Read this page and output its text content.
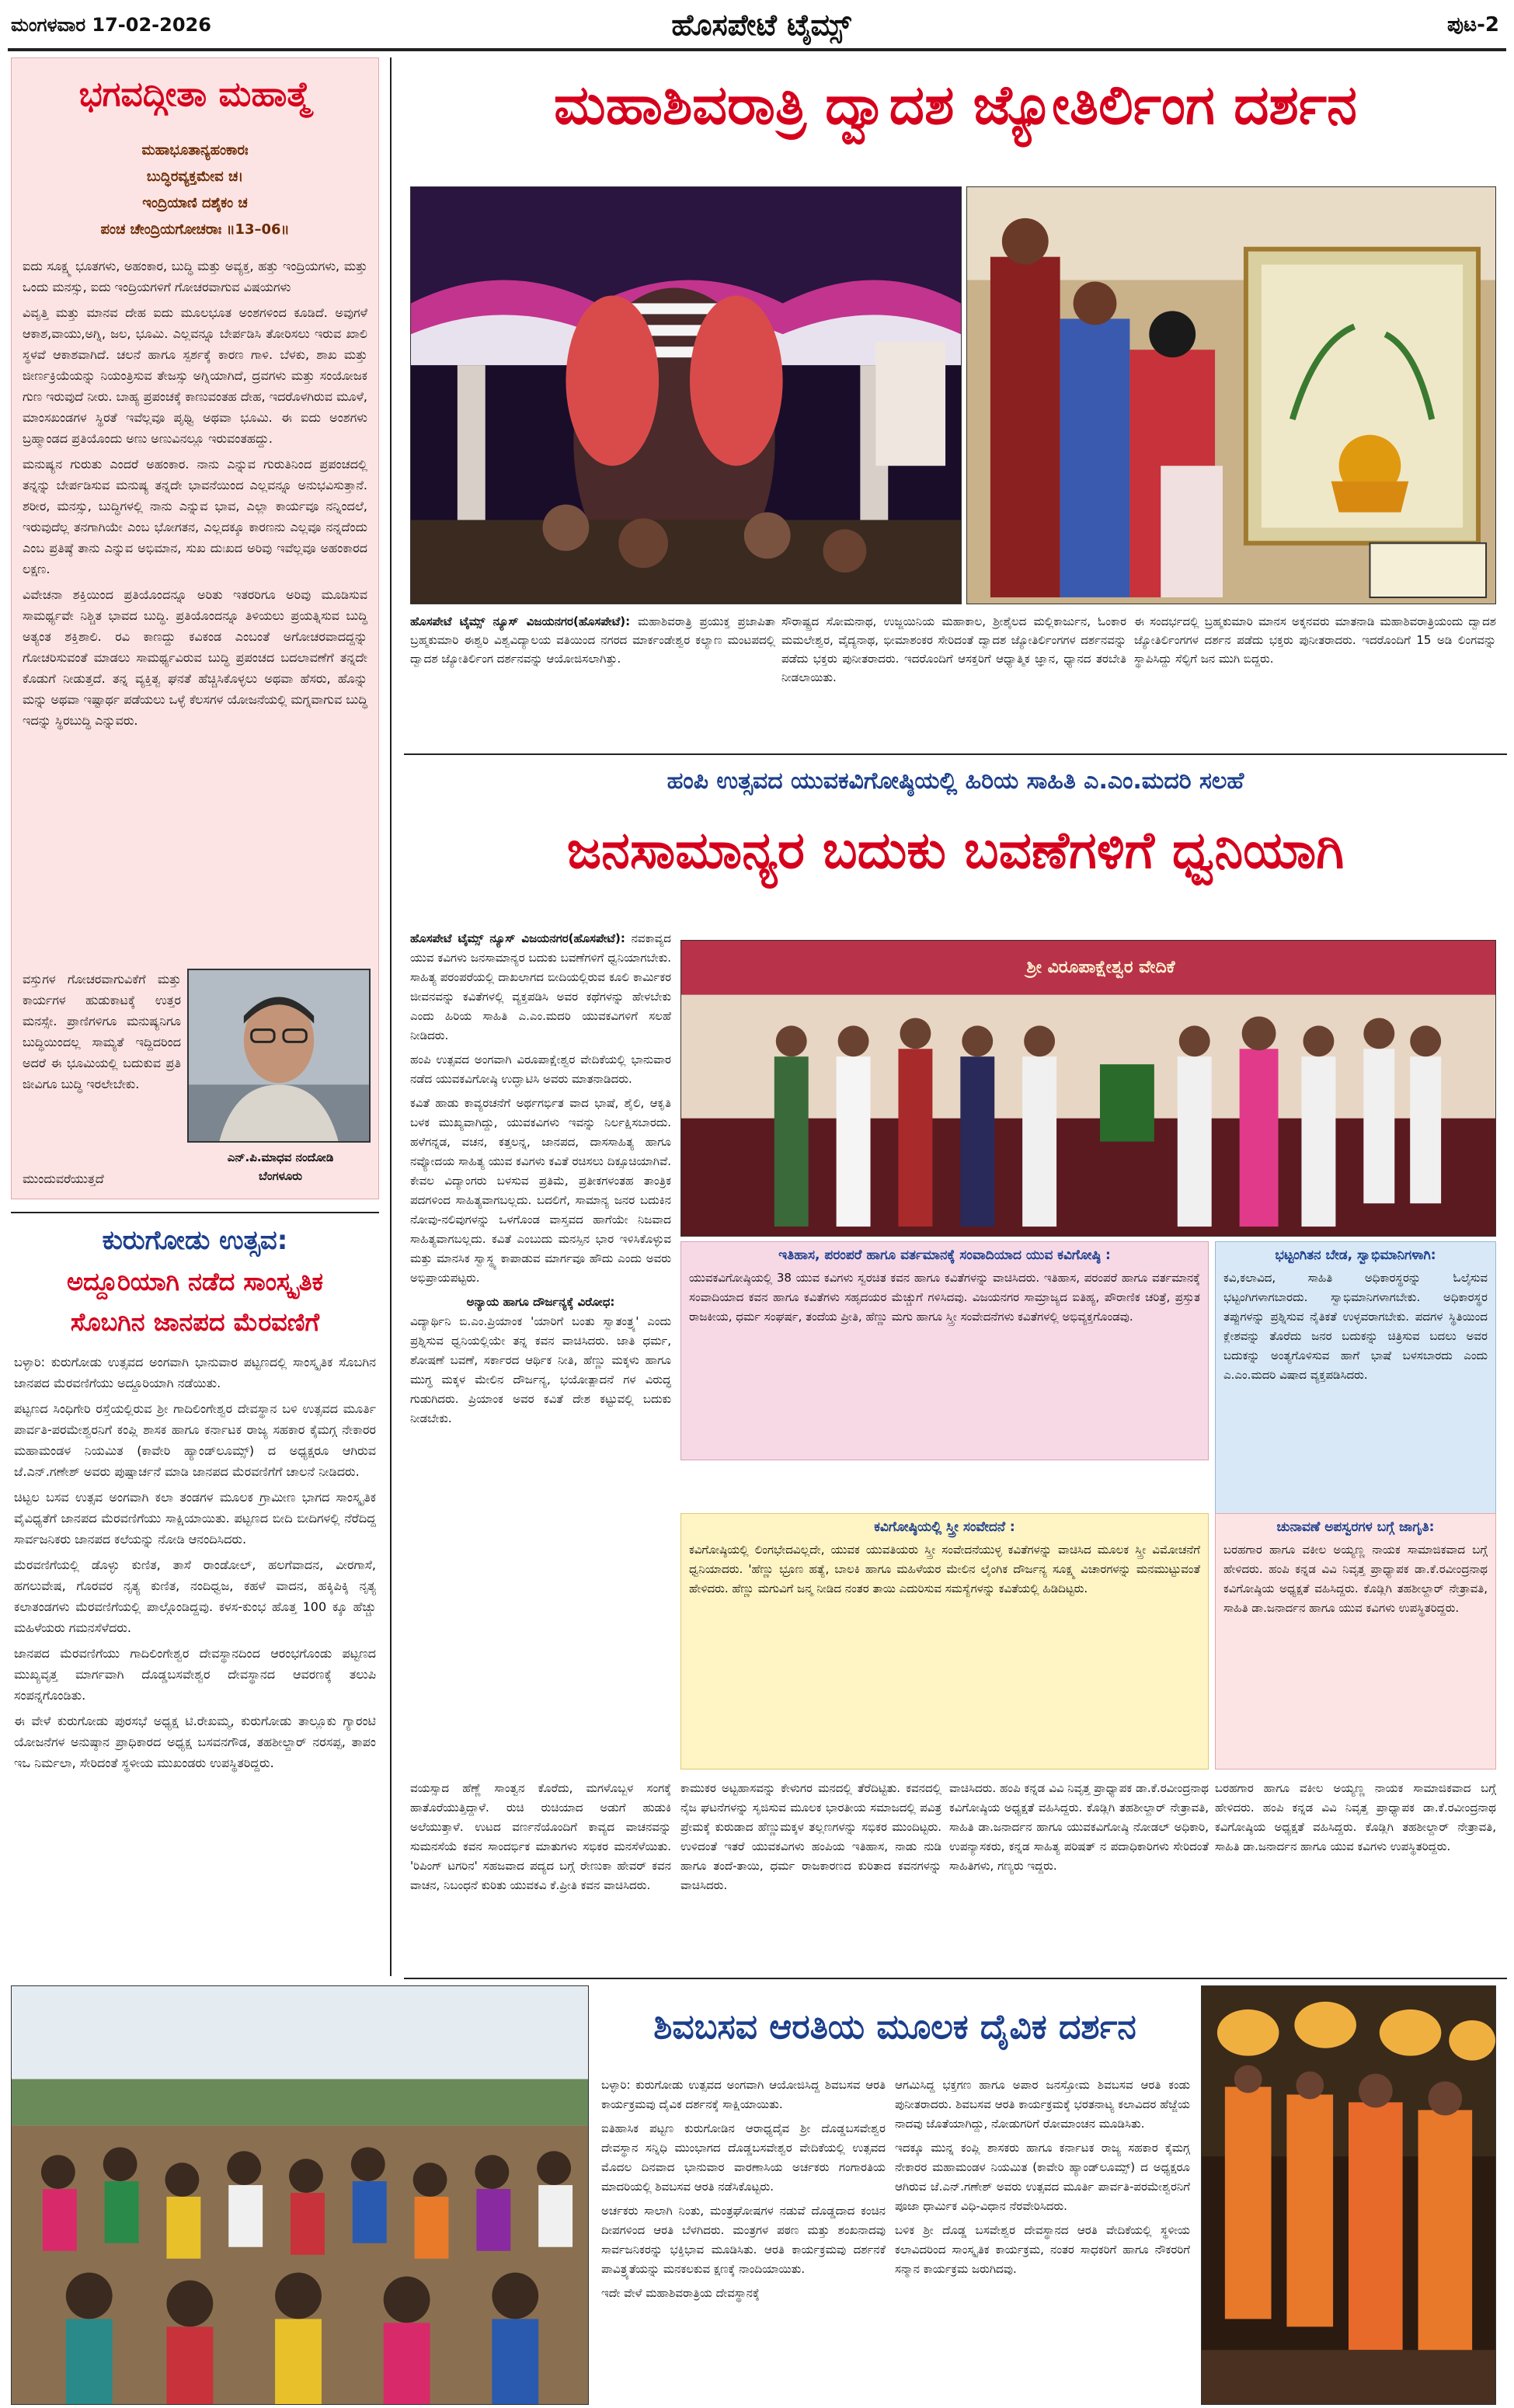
ಮಂಗಳವಾರ 17-02-2026	ಹೊಸಪೇಟೆ ಟೈಮ್ಸ್	ಪುಟ-2
ಭಗವದ್ಗೀತಾ ಮಹಾತ್ಮೆ
ಮಹಾಭೂತಾನ್ಯಹಂಕಾರಃ
ಬುದ್ಧಿರವ್ಯಕ್ತಮೇವ ಚ।
ಇಂದ್ರಿಯಾಣಿ ದಶೈಕಂ ಚ
ಪಂಚ ಚೇಂದ್ರಿಯಗೋಚರಾಃ ॥13–06॥

ಐದು ಸೂಕ್ಷ್ಮ ಭೂತಗಳು, ಅಹಂಕಾರ, ಬುದ್ಧಿ ಮತ್ತು ಅವ್ಯಕ್ತ, ಹತ್ತು ಇಂದ್ರಿಯಗಳು, ಮತ್ತು ಒಂದು ಮನಸ್ಸು, ಐದು ಇಂದ್ರಿಯಗಳಿಗೆ ಗೋಚರವಾಗುವ ವಿಷಯಗಳು

ವಿವೃತ್ತಿ ಮತ್ತು ಮಾನವ ದೇಹ ಐದು ಮೂಲಭೂತ ಅಂಶಗಳಿಂದ ಕೂಡಿದೆ. ಅವುಗಳೆ ಆಕಾಶ,ವಾಯು,ಅಗ್ನಿ, ಜಲ, ಭೂಮಿ. ಎಲ್ಲವನ್ನೂ ಬೇರ್ಪಡಿಸಿ ತೋರಿಸಲು ಇರುವ ಖಾಲಿ ಸ್ಥಳವೆ ಆಕಾಶವಾಗಿದೆ. ಚಲನೆ ಹಾಗೂ ಸ್ಪರ್ಶಕ್ಕೆ ಕಾರಣ ಗಾಳಿ. ಬೆಳಕು, ಶಾಖ ಮತ್ತು ಜೀರ್ಣಕ್ರಿಯೆಯನ್ನು ನಿಯಂತ್ರಿಸುವ ತೇಜಸ್ಸು ಅಗ್ನಿಯಾಗಿದೆ, ದ್ರವಗಳು ಮತ್ತು ಸಂಯೋಜಕ ಗುಣ ಇರುವುದೆ ನೀರು. ಬಾಹ್ಯ ಪ್ರಪಂಚಕ್ಕೆ ಕಾಣುವಂತಹ ದೇಹ, ಇದರೊಳಗಿರುವ ಮೂಳೆ, ಮಾಂಸಖಂಡಗಳ ಸ್ಥಿರತೆ ಇವೆಲ್ಲವೂ ಪೃಥ್ವಿ ಅಥವಾ ಭೂಮಿ. ಈ ಐದು ಅಂಶಗಳು ಬ್ರಹ್ಮಾಂಡದ ಪ್ರತಿಯೊಂದು ಅಣು ಅಣುವಿನಲ್ಲೂ ಇರುವಂತಹದ್ದು.

ಮನುಷ್ಯನ ಗುರುತು ಎಂದರೆ ಅಹಂಕಾರ. ನಾನು ಎನ್ನುವ ಗುರುತಿನಿಂದ ಪ್ರಪಂಚದಲ್ಲಿ ತನ್ನನ್ನು ಬೇರ್ಪಡಿಸುವ ಮನುಷ್ಯ ತನ್ನದೇ ಭಾವನೆಯಿಂದ ಎಲ್ಲವನ್ನೂ ಅನುಭವಿಸುತ್ತಾನೆ. ಶರೀರ, ಮನಸ್ಸು, ಬುದ್ಧಿಗಳಲ್ಲಿ ನಾನು ಎನ್ನುವ ಭಾವ, ಎಲ್ಲಾ ಕಾರ್ಯವೂ ನನ್ನಿಂದಲೆ, ಇರುವುದೆಲ್ಲ ತನಗಾಗಿಯೇ ಎಂಬ ಭೋಗತನ, ಎಲ್ಲದಕ್ಕೂ ಕಾರಣನು ಎಲ್ಲವೂ ನನ್ನದೆಂದು ಎಂಬ ಪ್ರತಿಷ್ಠೆ ತಾನು ಎನ್ನುವ ಅಭಿಮಾನ, ಸುಖ ದುಃಖದ ಅರಿವು ಇವೆಲ್ಲವೂ ಅಹಂಕಾರದ ಲಕ್ಷಣ.

ವಿವೇಚನಾ ಶಕ್ತಿಯಿಂದ ಪ್ರತಿಯೊಂದನ್ನೂ ಅರಿತು ಇತರರಿಗೂ ಅರಿವು ಮೂಡಿಸುವ ಸಾಮರ್ಥ್ಯವೇ ನಿಶ್ಚಿತ ಭಾವದ ಬುದ್ಧಿ. ಪ್ರತಿಯೊಂದನ್ನೂ ತಿಳಿಯಲು ಪ್ರಯತ್ನಿಸುವ ಬುದ್ಧಿ ಅತ್ಯಂತ ಶಕ್ತಿಶಾಲಿ. ರವಿ ಕಾಣದ್ದು ಕವಿಕಂಡ ಎಂಬಂತೆ ಅಗೋಚರವಾದದ್ದನ್ನು ಗೋಚರಿಸುವಂತೆ ಮಾಡಲು ಸಾಮರ್ಥ್ಯವಿರುವ ಬುದ್ಧಿ ಪ್ರಪಂಚದ ಬದಲಾವಣೆಗೆ ತನ್ನದೇ ಕೊಡುಗೆ ನೀಡುತ್ತದೆ. ತನ್ನ ವ್ಯಕ್ತಿತ್ವ ಘನತೆ ಹೆಚ್ಚಿಸಿಕೊಳ್ಳಲು ಅಥವಾ ಹೆಸರು, ಹೊನ್ನು ಮನ್ನು ಅಥವಾ ಇಷ್ಟಾರ್ಥ ಪಡೆಯಲು ಒಳ್ಳೆ ಕೆಲಸಗಳ ಯೋಜನೆಯಲ್ಲಿ ಮಗ್ನವಾಗುವ ಬುದ್ಧಿ ಇದನ್ನು ಸ್ಥಿರಬುದ್ಧಿ ಎನ್ನುವರು.

ವಸ್ತುಗಳ ಗೋಚರವಾಗುವಿಕೆಗೆ ಮತ್ತು ಕಾರ್ಯಗಳ ಹುಡುಕಾಟಕ್ಕೆ ಉತ್ತರ ಮನಸ್ಸೇ. ಪ್ರಾಣಿಗಳಿಗೂ ಮನುಷ್ಯನಿಗೂ ಬುದ್ಧಿಯಿಂದಲ್ಲ ಸಾಮ್ಯತೆ ಇದ್ದಿದರಿಂದ ಅದರೆ ಈ ಭೂಮಿಯಲ್ಲಿ ಬದುಕುವ ಪ್ರತಿ ಜೀವಿಗೂ ಬುದ್ಧಿ ಇರಲೇಬೇಕು.
ಎನ್.ಪಿ.ಮಾಧವ ನಂದೋಡಿ
ಬೆಂಗಳೂರು
ಮುಂದುವರೆಯುತ್ತದೆ
ಕುರುಗೋಡು ಉತ್ಸವ:
ಅದ್ದೂರಿಯಾಗಿ ನಡೆದ ಸಾಂಸ್ಕೃತಿಕ
ಸೊಬಗಿನ ಜಾನಪದ ಮೆರವಣಿಗೆ

ಬಳ್ಳಾರಿ: ಕುರುಗೋಡು ಉತ್ಸವದ ಅಂಗವಾಗಿ ಭಾನುವಾರ ಪಟ್ಟಣದಲ್ಲಿ ಸಾಂಸ್ಕೃತಿಕ ಸೊಬಗಿನ ಜಾನಪದ ಮೆರವಣಿಗೆಯು ಅದ್ದೂರಿಯಾಗಿ ನಡೆಯಿತು.

ಪಟ್ಟಣದ ಸಿಂಧಿಗೇರಿ ರಸ್ತೆಯಲ್ಲಿರುವ ಶ್ರೀ ಗಾದಿಲಿಂಗೇಶ್ವರ ದೇವಸ್ಥಾನ ಬಳಿ ಉತ್ಸವದ ಮೂರ್ತಿ ಪಾರ್ವತಿ-ಪರಮೇಶ್ವರನಿಗೆ ಕಂಪ್ಲಿ ಶಾಸಕ ಹಾಗೂ ಕರ್ನಾಟಕ ರಾಜ್ಯ ಸಹಕಾರ ಕೈಮಗ್ಗ ನೇಕಾರರ ಮಹಾಮಂಡಳ ನಿಯಮಿತ (ಕಾವೇರಿ ಹ್ಯಾಂಡ್‌ಲೂಮ್ಸ್) ದ ಅಧ್ಯಕ್ಷರೂ ಆಗಿರುವ ಜೆ.ಎನ್.ಗಣೇಶ್ ಅವರು ಪುಷ್ಪಾರ್ಚನೆ ಮಾಡಿ ಜಾನಪದ ಮೆರವಣಿಗೆಗೆ ಚಾಲನೆ ನೀಡಿದರು.

ಚಿಟ್ಟಲ ಬಸವ ಉತ್ಸವ ಅಂಗವಾಗಿ ಕಲಾ ತಂಡಗಳ ಮೂಲಕ ಗ್ರಾಮೀಣ ಭಾಗದ ಸಾಂಸ್ಕೃತಿಕ ವೈವಿಧ್ಯತೆಗೆ ಜಾನಪದ ಮೆರವಣಿಗೆಯು ಸಾಕ್ಷಿಯಾಯಿತು. ಪಟ್ಟಣದ ಬೀದಿ ಬೀದಿಗಳಲ್ಲಿ ನೆರೆದಿದ್ದ ಸಾರ್ವಜನಿಕರು ಜಾನಪದ ಕಲೆಯನ್ನು ನೋಡಿ ಆನಂದಿಸಿದರು.

ಮೆರವಣಿಗೆಯಲ್ಲಿ ಡೊಳ್ಳು ಕುಣಿತ, ತಾಸೆ ರಾಂಡೋಲ್, ಹಲಗೆವಾದನ, ವೀರಗಾಸೆ, ಹಗಲುವೇಷ, ಗೊರವರ ನೃತ್ಯ ಕುಣಿತ, ನಂದಿಧ್ವಜ, ಕಹಳೆ ವಾದನ, ಹಕ್ಕಿಪಿಕ್ಕಿ ನೃತ್ಯ ಕಲಾತಂಡಗಳು ಮೆರವಣಿಗೆಯಲ್ಲಿ ಪಾಲ್ಗೊಂಡಿದ್ದವು. ಕಳಸ-ಕುಂಭ ಹೊತ್ತ 100 ಕ್ಕೂ ಹೆಚ್ಚು ಮಹಿಳೆಯರು ಗಮನಸೆಳೆದರು.

ಜಾನಪದ ಮೆರವಣಿಗೆಯು ಗಾದಿಲಿಂಗೇಶ್ವರ ದೇವಸ್ಥಾನದಿಂದ ಆರಂಭಗೊಂಡು ಪಟ್ಟಣದ ಮುಖ್ಯವೃತ್ತ ಮಾರ್ಗವಾಗಿ ದೊಡ್ಡಬಸವೇಶ್ವರ ದೇವಸ್ಥಾನದ ಆವರಣಕ್ಕೆ ತಲುಪಿ ಸಂಪನ್ನಗೊಂಡಿತು.

ಈ ವೇಳೆ ಕುರುಗೋಡು ಪುರಸಭೆ ಅಧ್ಯಕ್ಷ ಟಿ.ರೇಖಮ್ಮ, ಕುರುಗೋಡು ತಾಲ್ಲೂಕು ಗ್ಯಾರಂಟಿ ಯೋಜನೆಗಳ ಅನುಷ್ಠಾನ ಪ್ರಾಧಿಕಾರದ ಅಧ್ಯಕ್ಷ ಬಸವನಗೌಡ, ತಹಶೀಲ್ದಾರ್ ನರಸಪ್ಪ, ತಾಪಂ ಇಒ ನಿರ್ಮಲಾ, ಸೇರಿದಂತೆ ಸ್ಥಳೀಯ ಮುಖಂಡರು ಉಪಸ್ಥಿತರಿದ್ದರು.

ಮಹಾಶಿವರಾತ್ರಿ ದ್ವಾದಶ ಜ್ಯೋತಿರ್ಲಿಂಗ ದರ್ಶನ
ಹೊಸಪೇಟೆ ಟೈಮ್ಸ್ ನ್ಯೂಸ್ ವಿಜಯನಗರ(ಹೊಸಪೇಟೆ): ಮಹಾಶಿವರಾತ್ರಿ ಪ್ರಯುಕ್ತ ಪ್ರಜಾಪಿತಾ ಬ್ರಹ್ಮಕುಮಾರಿ ಈಶ್ವರಿ ವಿಶ್ವವಿದ್ಯಾಲಯ ವತಿಯಿಂದ ನಗರದ ಮಾರ್ಕಂಡೇಶ್ವರ ಕಲ್ಯಾಣ ಮಂಟಪದಲ್ಲಿ ದ್ವಾದಶ ಜ್ಯೋತಿರ್ಲಿಂಗ ದರ್ಶನವನ್ನು ಆಯೋಜಿಸಲಾಗಿತ್ತು.
ಸೌರಾಷ್ಟ್ರದ ಸೋಮನಾಥ, ಉಜ್ಜಯಿನಿಯ ಮಹಾಕಾಲ, ಶ್ರೀಶೈಲದ ಮಲ್ಲಿಕಾರ್ಜುನ, ಓಂಕಾರ ಮಮಲೇಶ್ವರ, ವೈದ್ಯನಾಥ, ಭೀಮಾಶಂಕರ ಸೇರಿದಂತೆ ದ್ವಾದಶ ಜ್ಯೋತಿರ್ಲಿಂಗಗಳ ದರ್ಶನವನ್ನು ಪಡೆದು ಭಕ್ತರು ಪುನೀತರಾದರು. ಇದರೊಂದಿಗೆ ಆಸಕ್ತರಿಗೆ ಆಧ್ಯಾತ್ಮಿಕ ಜ್ಞಾನ, ಧ್ಯಾನದ ತರಬೇತಿ ನೀಡಲಾಯಿತು.
ಈ ಸಂದರ್ಭದಲ್ಲಿ ಬ್ರಹ್ಮಕುಮಾರಿ ಮಾನಸ ಅಕ್ಕನವರು ಮಾತನಾಡಿ ಮಹಾಶಿವರಾತ್ರಿಯಂದು ದ್ವಾದಶ ಜ್ಯೋತಿರ್ಲಿಂಗಗಳ ದರ್ಶನ ಪಡೆದು ಭಕ್ತರು ಪುನೀತರಾದರು. ಇದರೊಂದಿಗೆ 15 ಅಡಿ ಲಿಂಗವನ್ನು ಸ್ಥಾಪಿಸಿದ್ದು ಸೆಲ್ಫಿಗೆ ಜನ ಮುಗಿ ಬಿದ್ದರು.
ಹಂಪಿ ಉತ್ಸವದ ಯುವಕವಿಗೋಷ್ಠಿಯಲ್ಲಿ ಹಿರಿಯ ಸಾಹಿತಿ ಎ.ಎಂ.ಮದರಿ ಸಲಹೆ
ಜನಸಾಮಾನ್ಯರ ಬದುಕು ಬವಣೆಗಳಿಗೆ ಧ್ವನಿಯಾಗಿ

ಹೊಸಪೇಟೆ ಟೈಮ್ಸ್ ನ್ಯೂಸ್ ವಿಜಯನಗರ(ಹೊಸಪೇಟೆ): ನವಕಾವ್ಯದ ಯುವ ಕವಿಗಳು ಜನಸಾಮಾನ್ಯರ ಬದುಕು ಬವಣೆಗಳಿಗೆ ಧ್ವನಿಯಾಗಬೇಕು. ಸಾಹಿತ್ಯ ಪರಂಪರೆಯಲ್ಲಿ ದಾಖಲಾಗದ ಬೀದಿಯಲ್ಲಿರುವ ಕೂಲಿ ಕಾರ್ಮಿಕರ ಜೀವನವನ್ನು ಕವಿತೆಗಳಲ್ಲಿ ವ್ಯಕ್ತಪಡಿಸಿ ಅವರ ಕಥೆಗಳನ್ನು ಹೇಳಬೇಕು ಎಂದು ಹಿರಿಯ ಸಾಹಿತಿ ಎ.ಎಂ.ಮದರಿ ಯುವಕವಿಗಳಿಗೆ ಸಲಹೆ ನೀಡಿದರು.

ಹಂಪಿ ಉತ್ಸವದ ಅಂಗವಾಗಿ ವಿರೂಪಾಕ್ಷೇಶ್ವರ ವೇದಿಕೆಯಲ್ಲಿ ಭಾನುವಾರ ನಡೆದ ಯುವಕವಿಗೋಷ್ಠಿ ಉದ್ಘಾಟಿಸಿ ಅವರು ಮಾತನಾಡಿದರು.

ಕವಿತೆ ಹಾಡು ಕಾವ್ಯರಚನೆಗೆ ಅರ್ಥಗರ್ಭಿತ ವಾದ ಭಾಷೆ, ಶೈಲಿ, ಆಕೃತಿ ಬಳಕ ಮುಖ್ಯವಾಗಿದ್ದು, ಯುವಕವಿಗಳು ಇವನ್ನು ನಿರ್ಲಕ್ಷಿಸಬಾರದು. ಹಳೆಗನ್ನಡ, ವಚನ, ಕತ್ತಲನ್ನ, ಜಾನಪದ, ದಾಸಸಾಹಿತ್ಯ ಹಾಗೂ ನವ್ಯೋದಯ ಸಾಹಿತ್ಯ ಯುವ ಕವಿಗಳು ಕವಿತೆ ರಚಿಸಲು ದಿಕ್ಸೂಚಿಯಾಗಿವೆ. ಕೇವಲ ವಿದ್ಯಾಂಗರು ಬಳಸುವ ಪ್ರತಿಮೆ, ಪ್ರತೀಕಗಳಂತಹ ತಾಂತ್ರಿಕ ಪದಗಳಿಂದ ಸಾಹಿತ್ಯವಾಗಬಲ್ಲದು. ಬದಲಿಗೆ, ಸಾಮಾನ್ಯ ಜನರ ಬದುಕಿನ ನೋವು-ನಲಿವುಗಳನ್ನು ಒಳಗೊಂಡ ವಾಸ್ತವದ ಹಾಗೆಯೇ ನಿಜವಾದ ಸಾಹಿತ್ಯವಾಗಬಲ್ಲದು. ಕವಿತೆ ಎಂಬುದು ಮನಸ್ಸಿನ ಭಾರ ಇಳಿಸಿಕೊಳ್ಳುವ ಮತ್ತು ಮಾನಸಿಕ ಸ್ವಾಸ್ಥ್ಯ ಕಾಪಾಡುವ ಮಾರ್ಗವೂ ಹೌದು ಎಂದು ಅವರು ಅಭಿಪ್ರಾಯಪಟ್ಟರು.

ಅನ್ಯಾಯ ಹಾಗೂ ದೌರ್ಜನ್ಯಕ್ಕೆ ವಿರೋಧ:

ವಿದ್ಯಾರ್ಥಿನಿ ಬಿ.ಎಂ.ಪ್ರಿಯಾಂಕ 'ಯಾರಿಗೆ ಬಂತು ಸ್ವಾತಂತ್ರ್ಯ' ಎಂದು ಪ್ರಶ್ನಿಸುವ ಧ್ವನಿಯಲ್ಲಿಯೇ ತನ್ನ ಕವನ ವಾಚಿಸಿದರು. ಜಾತಿ ಧರ್ಮ, ಶೋಷಣೆ ಬವಣೆ, ಸರ್ಕಾರದ ಆರ್ಥಿಕ ನೀತಿ, ಹೆಣ್ಣು ಮಕ್ಕಳು ಹಾಗೂ ಮುಗ್ಧ ಮಕ್ಕಳ ಮೇಲಿನ ದೌರ್ಜನ್ಯ, ಭಯೋತ್ಪಾದನೆ ಗಳ ವಿರುದ್ಧ ಗುಡುಗಿದರು. ಪ್ರಿಯಾಂಕ ಅವರ ಕವಿತೆ ದೇಶ ಕಟ್ಟುವಲ್ಲಿ ಬದುಕು ನೀಡಬೇಕು.

ಶ್ರೀ ವಿರೂಪಾಕ್ಷೇಶ್ವರ ವೇದಿಕೆ
ಇತಿಹಾಸ, ಪರಂಪರೆ ಹಾಗೂ ವರ್ತಮಾನಕ್ಕೆ ಸಂವಾದಿಯಾದ ಯುವ ಕವಿಗೋಷ್ಠಿ :
ಯುವಕವಿಗೋಷ್ಠಿಯಲ್ಲಿ 38 ಯುವ ಕವಿಗಳು ಸ್ವರಚಿತ ಕವನ ಹಾಗೂ ಕವಿತೆಗಳನ್ನು ವಾಚಿಸಿದರು. ಇತಿಹಾಸ, ಪರಂಪರೆ ಹಾಗೂ ವರ್ತಮಾನಕ್ಕೆ ಸಂವಾದಿಯಾದ ಕವನ ಹಾಗೂ ಕವಿತೆಗಳು ಸಹೃದಯರ ಮೆಚ್ಚುಗೆ ಗಳಿಸಿದವು. ವಿಜಯನಗರ ಸಾಮ್ರಾಜ್ಯದ ಐತಿಹ್ಯ, ಪೌರಾಣಿಕ ಚರಿತ್ರೆ, ಪ್ರಸ್ತುತ ರಾಜಕೀಯ, ಧರ್ಮ ಸಂಘರ್ಷ, ತಂದೆಯ ಪ್ರೀತಿ, ಹೆಣ್ಣು ಮಗು ಹಾಗೂ ಸ್ತ್ರೀ ಸಂವೇದನೆಗಳು ಕವಿತೆಗಳಲ್ಲಿ ಅಭಿವ್ಯಕ್ತಗೊಂಡವು.
ಭಟ್ಟಂಗಿತನ ಬೇಡ, ಸ್ವಾಭಿಮಾನಿಗಳಾಗಿ:
ಕವಿ,ಕಲಾವಿದ, ಸಾಹಿತಿ ಅಧಿಕಾರಸ್ಥರನ್ನು ಓಲೈಸುವ ಭಟ್ಟಂಗಿಗಳಾಗಬಾರದು. ಸ್ವಾಭಿಮಾನಿಗಳಾಗಬೇಕು. ಅಧಿಕಾರಸ್ಥರ ತಪ್ಪುಗಳನ್ನು ಪ್ರಶ್ನಿಸುವ ನೈತಿಕತೆ ಉಳ್ಳವರಾಗಬೇಕು. ಪದಗಳ ಸ್ಥಿತಿಯಿಂದ ಕ್ಲೇಶವನ್ನು ತೊರೆದು ಜನರ ಬದುಕನ್ನು ಚಿತ್ರಿಸುವ ಬದಲು ಅವರ ಬದುಕನ್ನು ಅಂತ್ಯಗೊಳಿಸುವ ಹಾಗೆ ಭಾಷೆ ಬಳಸಬಾರದು ಎಂದು ಎ.ಎಂ.ಮದರಿ ವಿಷಾದ ವ್ಯಕ್ತಪಡಿಸಿದರು.
ಕವಿಗೋಷ್ಠಿಯಲ್ಲಿ ಸ್ತ್ರೀ ಸಂವೇದನೆ :
ಕವಿಗೋಷ್ಠಿಯಲ್ಲಿ ಲಿಂಗಭೇದವಿಲ್ಲದೇ, ಯುವಕ ಯುವತಿಯರು ಸ್ತ್ರೀ ಸಂವೇದನೆಯುಳ್ಳ ಕವಿತೆಗಳನ್ನು ವಾಚಿಸಿದ ಮೂಲಕ ಸ್ತ್ರೀ ವಿಮೋಚನೆಗೆ ಧ್ವನಿಯಾದರು. 'ಹೆಣ್ಣು ಭ್ರೂಣ ಹತ್ಯೆ, ಬಾಲಕಿ ಹಾಗೂ ಮಹಿಳೆಯರ ಮೇಲಿನ ಲೈಂಗಿಕ ದೌರ್ಜನ್ಯ ಸೂಕ್ಷ್ಮ ವಿಚಾರಗಳನ್ನು ಮನಮುಟ್ಟುವಂತೆ ಹೇಳಿದರು. ಹೆಣ್ಣು ಮಗುವಿಗೆ ಜನ್ಮ ನೀಡಿದ ನಂತರ ತಾಯಿ ಎದುರಿಸುವ ಸಮಸ್ಯೆಗಳನ್ನು ಕವಿತೆಯಲ್ಲಿ ಹಿಡಿದಿಟ್ಟರು.
ಚುನಾವಣೆ ಅಪಸ್ವರಗಳ ಬಗ್ಗೆ ಜಾಗೃತಿ:
ಬರಹಗಾರ ಹಾಗೂ ವಕೀಲ ಅಯ್ಯಣ್ಣ ನಾಯಕ ಸಾಮಾಜಿಕವಾದ ಬಗ್ಗೆ ಹೇಳಿದರು. ಹಂಪಿ ಕನ್ನಡ ವಿವಿ ನಿವೃತ್ತ ಪ್ರಾಧ್ಯಾಪಕ ಡಾ.ಕೆ.ರವೀಂದ್ರನಾಥ ಕವಿಗೋಷ್ಠಿಯ ಅಧ್ಯಕ್ಷತೆ ವಹಿಸಿದ್ದರು. ಕೊಡ್ಲಿಗಿ ತಹಶೀಲ್ದಾರ್ ನೇತ್ರಾವತಿ, ಸಾಹಿತಿ ಡಾ.ಜನಾರ್ದನ ಹಾಗೂ ಯುವ ಕವಿಗಳು ಉಪಸ್ಥಿತರಿದ್ದರು.
ವಯಸ್ಸಾದ ಹೆಣ್ಣೆ ಸಾಂತ್ವನ ಕೊರೆದು, ಮಗಳೊಬ್ಬಳ ಸಂಗಕ್ಕೆ ಹಾತೊರೆಯುತ್ತಿದ್ದಾಳೆ. ರುಚಿ ರುಚಿಯಾದ ಅಡುಗೆ ಹುಡುಕಿ ಅಲೆಯುತ್ತಾಳೆ. ಉಟದ ವರ್ಣನೆಯೊಂದಿಗೆ ಕಾವ್ಯದ ವಾಚನವನ್ನು ಸುಮನಸೆಯೆ ಕವನ ಸಾಂದರ್ಭಿಕ ಮಾತುಗಳು ಸಭಿಕರ ಮನಸೆಳೆಯಿತು. 'ರಿಪಿಂಗ್ ಟಗರಿನ' ಸಹಜವಾದ ಪದ್ಯದ ಬಗ್ಗೆ ರೇಣುಕಾ ಹೇವರ್ ಕವನ ವಾಚನ, ನಿಬಂಧನೆ ಕುರಿತು ಯುವಕವಿ ಕೆ.ಪ್ರೀತಿ ಕವನ ವಾಚಿಸಿದರು.
ಕಾಮುಕರ ಅಟ್ಟಹಾಸವನ್ನು ಕೇಳುಗರ ಮನದಲ್ಲಿ ತೆರೆದಿಟ್ಟಿತು. ಕವನದಲ್ಲಿ ನೈಜ ಘಟನೆಗಳನ್ನು ಸೃಜಿಸುವ ಮೂಲಕ ಭಾರತೀಯ ಸಮಾಜದಲ್ಲಿ ಪವಿತ್ರ ಪ್ರೇಮಕ್ಕೆ ಕುರುಡಾದ ಹೆಣ್ಣುಮಕ್ಕಳ ತಲ್ಲಣಗಳನ್ನು ಸಭಿಕರ ಮುಂದಿಟ್ಟರು. ಉಳಿದಂತೆ ಇತರೆ ಯುವಕವಿಗಳು ಹಂಪಿಯ ಇತಿಹಾಸ, ನಾಡು ನುಡಿ ಹಾಗೂ ತಂದೆ-ತಾಯಿ, ಧರ್ಮ ರಾಜಕಾರಣದ ಕುರಿತಾದ ಕವನಗಳನ್ನು ವಾಚಿಸಿದರು.
ವಾಚಿಸಿದರು. ಹಂಪಿ ಕನ್ನಡ ವಿವಿ ನಿವೃತ್ತ ಪ್ರಾಧ್ಯಾಪಕ ಡಾ.ಕೆ.ರವೀಂದ್ರನಾಥ ಕವಿಗೋಷ್ಠಿಯ ಅಧ್ಯಕ್ಷತೆ ವಹಿಸಿದ್ದರು. ಕೊಡ್ಲಿಗಿ ತಹಶೀಲ್ದಾರ್ ನೇತ್ರಾವತಿ, ಸಾಹಿತಿ ಡಾ.ಜನಾರ್ದನ ಹಾಗೂ ಯುವಕವಿಗೋಷ್ಠಿ ನೋಡಲ್ ಅಧಿಕಾರಿ, ಉಪನ್ಯಾಸಕರು, ಕನ್ನಡ ಸಾಹಿತ್ಯ ಪರಿಷತ್ ನ ಪದಾಧಿಕಾರಿಗಳು ಸೇರಿದಂತೆ ಸಾಹಿತಿಗಳು, ಗಣ್ಯರು ಇದ್ದರು.
ಬರಹಗಾರ ಹಾಗೂ ವಕೀಲ ಅಯ್ಯಣ್ಣ ನಾಯಕ ಸಾಮಾಜಿಕವಾದ ಬಗ್ಗೆ ಹೇಳಿದರು. ಹಂಪಿ ಕನ್ನಡ ವಿವಿ ನಿವೃತ್ತ ಪ್ರಾಧ್ಯಾಪಕ ಡಾ.ಕೆ.ರವೀಂದ್ರನಾಥ ಕವಿಗೋಷ್ಠಿಯ ಅಧ್ಯಕ್ಷತೆ ವಹಿಸಿದ್ದರು. ಕೊಡ್ಲಿಗಿ ತಹಶೀಲ್ದಾರ್ ನೇತ್ರಾವತಿ, ಸಾಹಿತಿ ಡಾ.ಜನಾರ್ದನ ಹಾಗೂ ಯುವ ಕವಿಗಳು ಉಪಸ್ಥಿತರಿದ್ದರು.
ಶಿವಬಸವ ಆರತಿಯ ಮೂಲಕ ದೈವಿಕ ದರ್ಶನ

ಬಳ್ಳಾರಿ: ಕುರುಗೋಡು ಉತ್ಸವದ ಅಂಗವಾಗಿ ಆಯೋಜಿಸಿದ್ದ ಶಿವಬಸವ ಆರತಿ ಕಾರ್ಯಕ್ರಮವು ದೈವಿಕ ದರ್ಶನಕ್ಕೆ ಸಾಕ್ಷಿಯಾಯಿತು.

ಐತಿಹಾಸಿಕ ಪಟ್ಟಣ ಕುರುಗೋಡಿನ ಆರಾಧ್ಯದೈವ ಶ್ರೀ ದೊಡ್ಡಬಸವೇಶ್ವರ ದೇವಸ್ಥಾನ ಸನ್ನಿಧಿ ಮುಂಭಾಗದ ದೊಡ್ಡಬಸವೇಶ್ವರ ವೇದಿಕೆಯಲ್ಲಿ ಉತ್ಸವದ ಮೊದಲ ದಿನವಾದ ಭಾನುವಾರ ವಾರಣಾಸಿಯ ಅರ್ಚಕರು ಗಂಗಾರತಿಯ ಮಾದರಿಯಲ್ಲಿ ಶಿವಬಸವ ಆರತಿ ನಡೆಸಿಕೊಟ್ಟರು.

ಅರ್ಚಕರು ಸಾಲಾಗಿ ನಿಂತು, ಮಂತ್ರಘೋಷಗಳ ನಡುವೆ ದೊಡ್ಡದಾದ ಕಂಚಿನ ದೀಪಗಳಿಂದ ಆರತಿ ಬೆಳಗಿದರು. ಮಂತ್ರಗಳ ಪಠಣ ಮತ್ತು ಶಂಖನಾದವು ಸಾರ್ವಜನಿಕರನ್ನು ಭಕ್ತಿಭಾವ ಮೂಡಿಸಿತು. ಆರತಿ ಕಾರ್ಯಕ್ರಮವು ದರ್ಶನಕೆ ಪಾವಿತ್ರ್ಯತೆಯನ್ನು ಮನಕಲಕುವ ಕ್ಷಣಕ್ಕೆ ನಾಂದಿಯಾಯಿತು.

ಇದೇ ವೇಳೆ ಮಹಾಶಿವರಾತ್ರಿಯ ದೇವಸ್ಥಾನಕ್ಕೆ

ಆಗಮಿಸಿದ್ದ ಭಕ್ತಗಣ ಹಾಗೂ ಅಪಾರ ಜನಸ್ತೋಮ ಶಿವಬಸವ ಆರತಿ ಕಂಡು ಪುನೀತರಾದರು. ಶಿವಬಸವ ಆರತಿ ಕಾರ್ಯಕ್ರಮಕ್ಕೆ ಭರತನಾಟ್ಯ ಕಲಾವಿದರ ಹೆಜ್ಜೆಯ ನಾದವು ಜೊತೆಯಾಗಿದ್ದು, ನೋಡುಗರಿಗೆ ರೋಮಾಂಚನ ಮೂಡಿಸಿತು.

ಇದಕ್ಕೂ ಮುನ್ನ ಕಂಪ್ಲಿ ಶಾಸಕರು ಹಾಗೂ ಕರ್ನಾಟಕ ರಾಜ್ಯ ಸಹಕಾರ ಕೈಮಗ್ಗ ನೇಕಾರರ ಮಹಾಮಂಡಳ ನಿಯಮಿತ (ಕಾವೇರಿ ಹ್ಯಾಂಡ್‌ಲೂಮ್ಸ್) ದ ಅಧ್ಯಕ್ಷರೂ ಆಗಿರುವ ಜೆ.ಎನ್.ಗಣೇಶ್ ಅವರು ಉತ್ಸವದ ಮೂರ್ತಿ ಪಾರ್ವತಿ-ಪರಮೇಶ್ವರನಿಗೆ ಪೂಜಾ ಧಾರ್ಮಿಕ ವಿಧಿ-ವಿಧಾನ ನೆರವೇರಿಸಿದರು.

ಬಳಿಕ ಶ್ರೀ ದೊಡ್ಡ ಬಸವೇಶ್ವರ ದೇವಸ್ಥಾನದ ಆರತಿ ವೇದಿಕೆಯಲ್ಲಿ ಸ್ಥಳೀಯ ಕಲಾವಿದರಿಂದ ಸಾಂಸ್ಕೃತಿಕ ಕಾರ್ಯಕ್ರಮ, ನಂತರ ಸಾಧಕರಿಗೆ ಹಾಗೂ ನೌಕರರಿಗೆ ಸನ್ಮಾನ ಕಾರ್ಯಕ್ರಮ ಜರುಗಿದವು.
